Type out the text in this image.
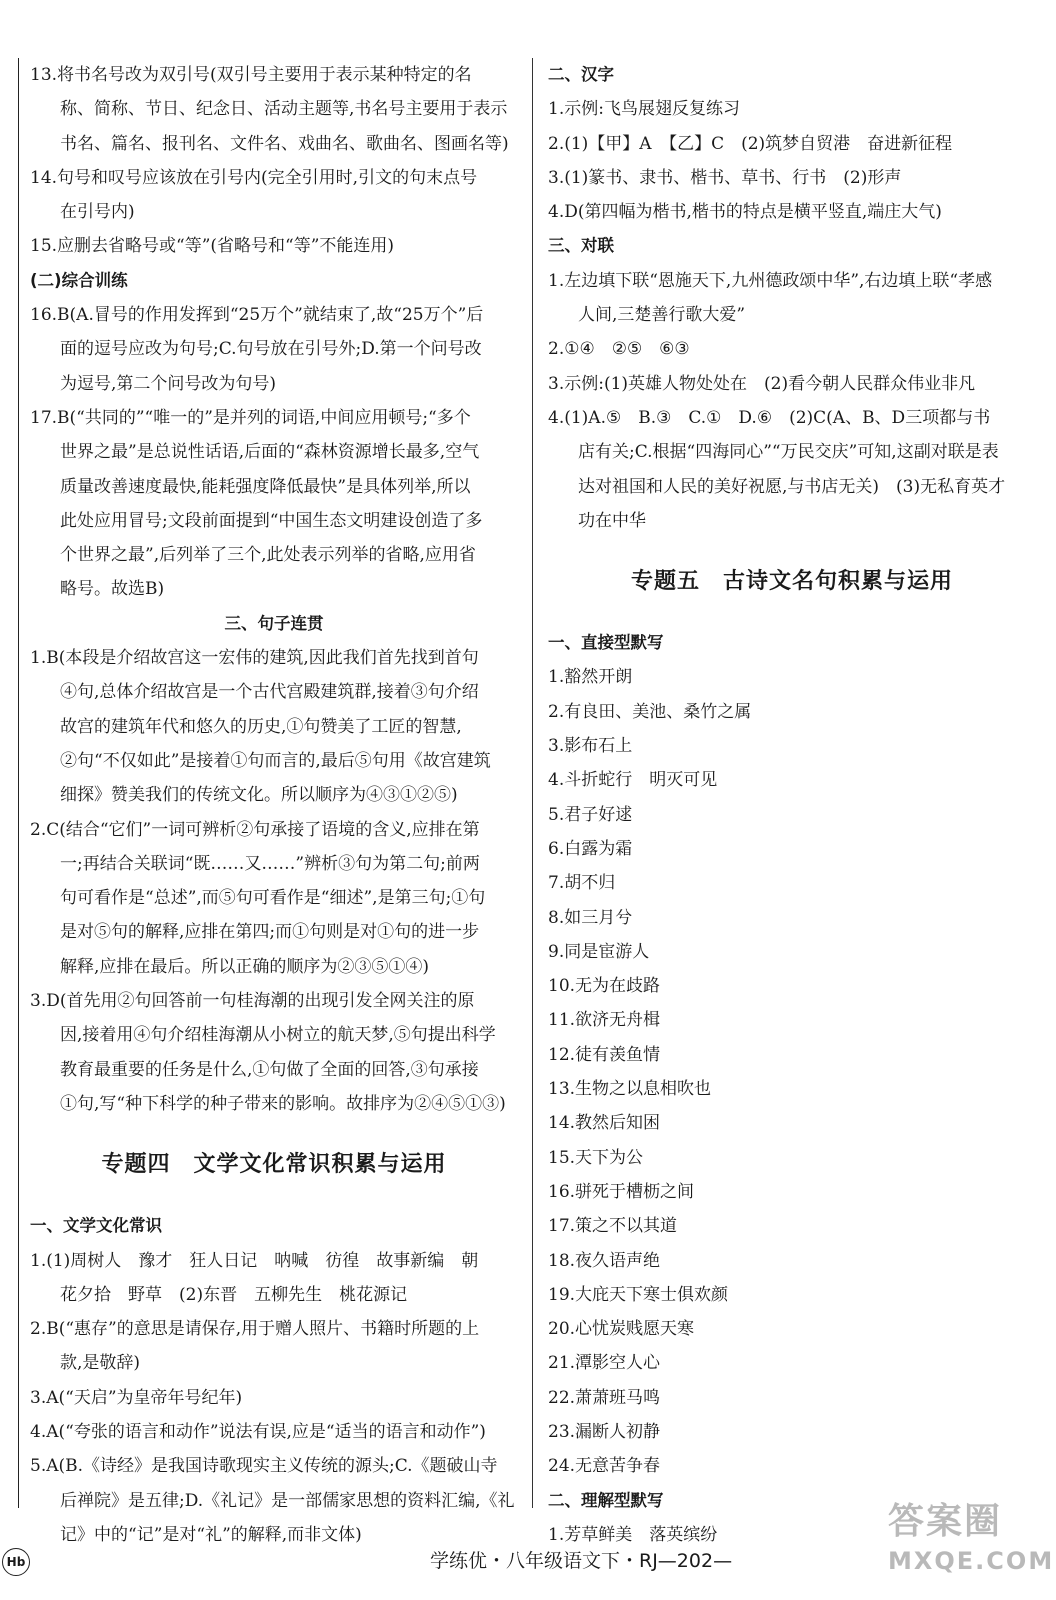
13.将书名号改为双引号(双引号主要用于表示某种特定的名

称、简称、节日、纪念日、活动主题等,书名号主要用于表示

书名、篇名、报刊名、文件名、戏曲名、歌曲名、图画名等)

14.句号和叹号应该放在引号内(完全引用时,引文的句末点号

在引号内)

15.应删去省略号或“等”(省略号和“等”不能连用)

(二)综合训练

16.B(A.冒号的作用发挥到“25万个”就结束了,故“25万个”后

面的逗号应改为句号;C.句号放在引号外;D.第一个问号改

为逗号,第二个问号改为句号)

17.B(“共同的”“唯一的”是并列的词语,中间应用顿号;“多个

世界之最”是总说性话语,后面的“森林资源增长最多,空气

质量改善速度最快,能耗强度降低最快”是具体列举,所以

此处应用冒号;文段前面提到“中国生态文明建设创造了多

个世界之最”,后列举了三个,此处表示列举的省略,应用省

略号。故选B)

三、句子连贯

1.B(本段是介绍故宫这一宏伟的建筑,因此我们首先找到首句

④句,总体介绍故宫是一个古代宫殿建筑群,接着③句介绍

故宫的建筑年代和悠久的历史,①句赞美了工匠的智慧,

②句“不仅如此”是接着①句而言的,最后⑤句用《故宫建筑

细探》赞美我们的传统文化。所以顺序为④③①②⑤)

2.C(结合“它们”一词可辨析②句承接了语境的含义,应排在第

一;再结合关联词“既……又……”辨析③句为第二句;前两

句可看作是“总述”,而⑤句可看作是“细述”,是第三句;①句

是对⑤句的解释,应排在第四;而①句则是对①句的进一步

解释,应排在最后。所以正确的顺序为②③⑤①④)

3.D(首先用②句回答前一句桂海潮的出现引发全网关注的原

因,接着用④句介绍桂海潮从小树立的航天梦,⑤句提出科学

教育最重要的任务是什么,①句做了全面的回答,③句承接

①句,写“种下科学的种子带来的影响。故排序为②④⑤①③)

专题四　文学文化常识积累与运用

一、文学文化常识

1.(1)周树人　豫才　狂人日记　呐喊　彷徨　故事新编　朝

花夕拾　野草　(2)东晋　五柳先生　桃花源记

2.B(“惠存”的意思是请保存,用于赠人照片、书籍时所题的上

款,是敬辞)

3.A(“天启”为皇帝年号纪年)

4.A(“夸张的语言和动作”说法有误,应是“适当的语言和动作”)

5.A(B.《诗经》是我国诗歌现实主义传统的源头;C.《题破山寺

后禅院》是五律;D.《礼记》是一部儒家思想的资料汇编,《礼

记》中的“记”是对“礼”的解释,而非文体)

二、汉字

1.示例:飞鸟展翅反复练习

2.(1)【甲】A　【乙】C　(2)筑梦自贸港　奋进新征程

3.(1)篆书、隶书、楷书、草书、行书　(2)形声

4.D(第四幅为楷书,楷书的特点是横平竖直,端庄大气)

三、对联

1.左边填下联“恩施天下,九州德政颂中华”,右边填上联“孝感

人间,三楚善行歌大爱”

2.①④　②⑤　⑥③

3.示例:(1)英雄人物处处在　(2)看今朝人民群众伟业非凡

4.(1)A.⑤　B.③　C.①　D.⑥　(2)C(A、B、D三项都与书

店有关;C.根据“四海同心”“万民交庆”可知,这副对联是表

达对祖国和人民的美好祝愿,与书店无关)　(3)无私育英才

功在中华

专题五　古诗文名句积累与运用

一、直接型默写

1.豁然开朗

2.有良田、美池、桑竹之属

3.影布石上

4.斗折蛇行　明灭可见

5.君子好逑

6.白露为霜

7.胡不归

8.如三月兮

9.同是宦游人

10.无为在歧路

11.欲济无舟楫

12.徒有羡鱼情

13.生物之以息相吹也

14.教然后知困

15.天下为公

16.骈死于槽枥之间

17.策之不以其道

18.夜久语声绝

19.大庇天下寒士俱欢颜

20.心忧炭贱愿天寒

21.潭影空人心

22.萧萧班马鸣

23.漏断人初静

24.无意苦争春

二、理解型默写

1.芳草鲜美　落英缤纷

Hb	学练优・八年级语文下・RJ—202—
答案圈
MXQE.COM
